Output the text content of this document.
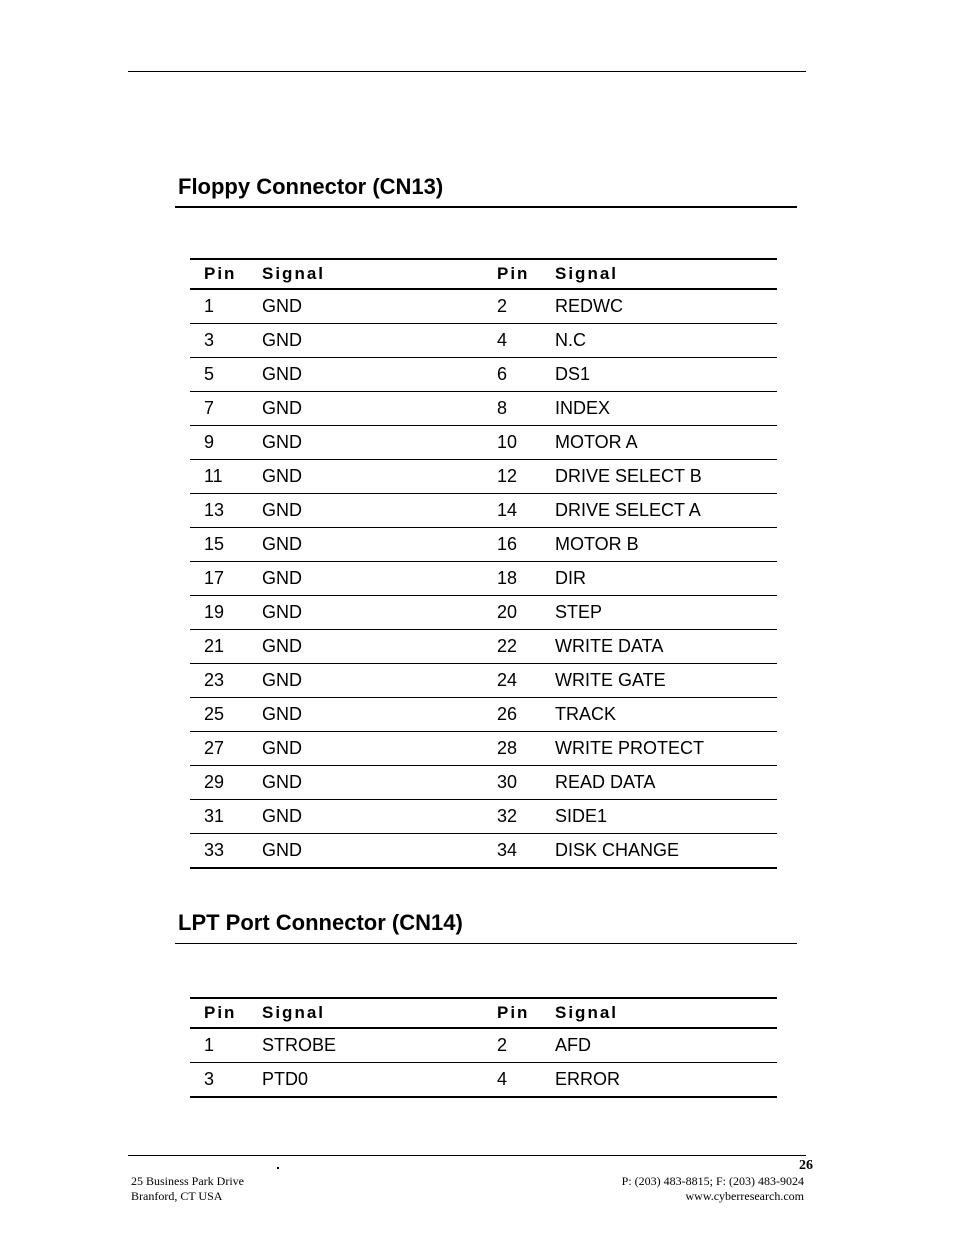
Floppy Connector (CN13)
Pin	Signal	Pin	Signal
1	GND	2	REDWC
3	GND	4	N.C
5	GND	6	DS1
7	GND	8	INDEX
9	GND	10	MOTOR A
11	GND	12	DRIVE SELECT B
13	GND	14	DRIVE SELECT A
15	GND	16	MOTOR B
17	GND	18	DIR
19	GND	20	STEP
21	GND	22	WRITE DATA
23	GND	24	WRITE GATE
25	GND	26	TRACK
27	GND	28	WRITE PROTECT
29	GND	30	READ DATA
31	GND	32	SIDE1
33	GND	34	DISK CHANGE
LPT Port Connector (CN14)
Pin	Signal	Pin	Signal
1	STROBE	2	AFD
3	PTD0	4	ERROR
26
25 Business Park Drive
Branford, CT USA
P: (203) 483-8815; F: (203) 483-9024
www.cyberresearch.com
